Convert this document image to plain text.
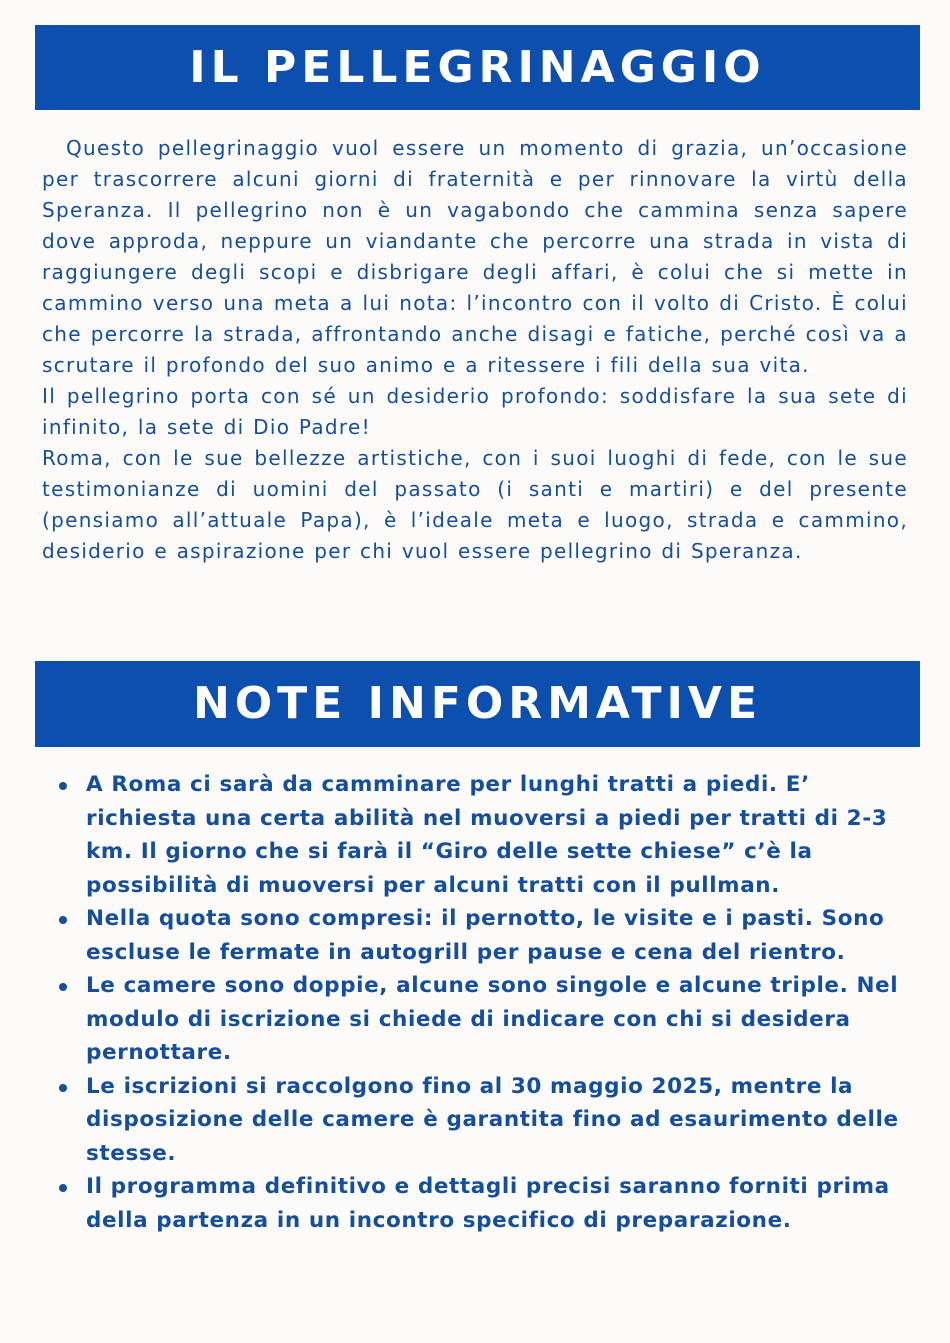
IL PELLEGRINAGGIO

Questo pellegrinaggio vuol essere un momento di grazia, un’occasione per trascorrere alcuni giorni di fraternità e per rinnovare la virtù della Speranza. Il pellegrino non è un vagabondo che cammina senza sapere dove approda, neppure un viandante che percorre una strada in vista di raggiungere degli scopi e disbrigare degli affari, è colui che si mette in cammino verso una meta a lui nota: l’incontro con il volto di Cristo. È colui che percorre la strada, affrontando anche disagi e fatiche, perché così va a scrutare il profondo del suo animo e a ritessere i fili della sua vita.

Il pellegrino porta con sé un desiderio profondo: soddisfare la sua sete di infinito, la sete di Dio Padre!

Roma, con le sue bellezze artistiche, con i suoi luoghi di fede, con le sue testimonianze di uomini del passato (i santi e martiri) e del presente (pensiamo all’attuale Papa), è l’ideale meta e luogo, strada e cammino, desiderio e aspirazione per chi vuol essere pellegrino di Speranza.

NOTE INFORMATIVE
A Roma ci sarà da camminare per lunghi tratti a piedi. E’ richiesta una certa abilità nel muoversi a piedi per tratti di 2-3 km. Il giorno che si farà il “Giro delle sette chiese” c’è la possibilità di muoversi per alcuni tratti con il pullman.
Nella quota sono compresi: il pernotto, le visite e i pasti. Sono escluse le fermate in autogrill per pause e cena del rientro.
Le camere sono doppie, alcune sono singole e alcune triple. Nel modulo di iscrizione si chiede di indicare con chi si desidera pernottare.
Le iscrizioni si raccolgono fino al 30 maggio 2025, mentre la disposizione delle camere è garantita fino ad esaurimento delle stesse.
Il programma definitivo e dettagli precisi saranno forniti prima della partenza in un incontro specifico di preparazione.
